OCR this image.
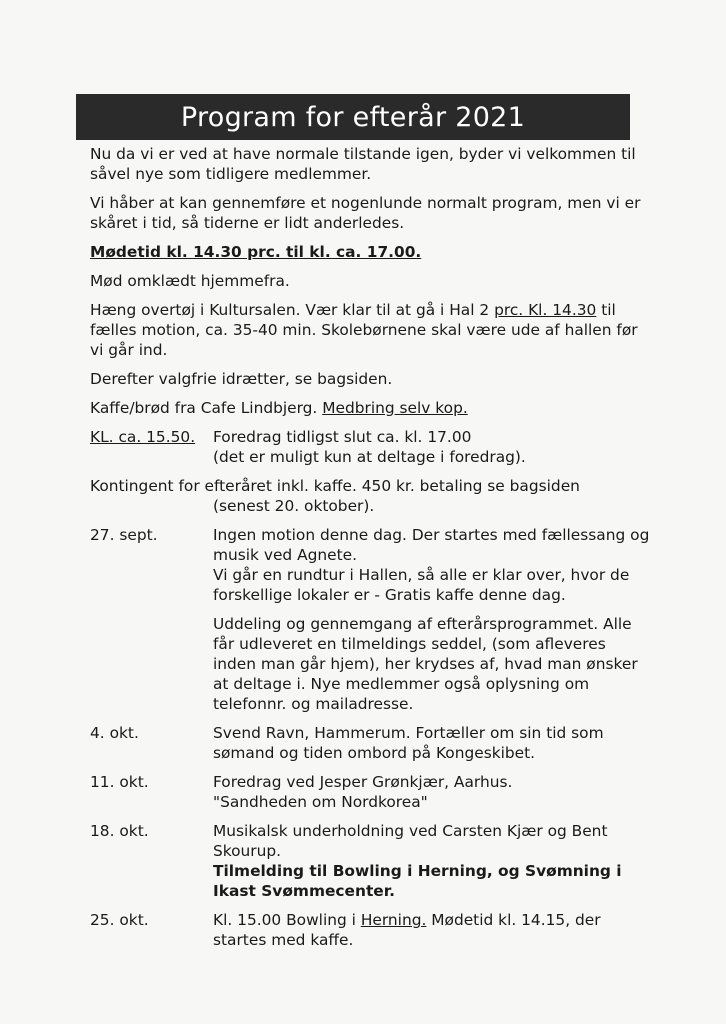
Program for efterår 2021

Nu da vi er ved at have normale tilstande igen, byder vi velkommen til såvel nye som tidligere medlemmer.

Vi håber at kan gennemføre et nogenlunde normalt program, men vi er skåret i tid, så tiderne er lidt anderledes.

Mødetid kl. 14.30 prc. til kl. ca. 17.00.

Mød omklædt hjemmefra.

Hæng overtøj i Kultursalen. Vær klar til at gå i Hal 2 prc. Kl. 14.30 til fælles motion, ca. 35-40 min. Skolebørnene skal være ude af hallen før vi går ind.

Derefter valgfrie idrætter, se bagsiden.

Kaffe/brød fra Cafe Lindbjerg. Medbring selv kop.

KL. ca. 15.50.	Foredrag tidligst slut ca. kl. 17.00
(det er muligt kun at deltage i foredrag).
Kontingent for efteråret inkl. kaffe. 450 kr. betaling se bagsiden
(senest 20. oktober).
27. sept.	Ingen motion denne dag. Der startes med fællessang og musik ved Agnete.
Vi går en rundtur i Hallen, så alle er klar over, hvor de forskellige lokaler er - Gratis kaffe denne dag.
Uddeling og gennemgang af efterårsprogrammet. Alle får udleveret en tilmeldings seddel, (som afleveres inden man går hjem), her krydses af, hvad man ønsker at deltage i. Nye medlemmer også oplysning om telefonnr. og mailadresse.
4. okt.	Svend Ravn, Hammerum. Fortæller om sin tid som sømand og tiden ombord på Kongeskibet.
11. okt.	Foredrag ved Jesper Grønkjær, Aarhus.
"Sandheden om Nordkorea"
18. okt.	Musikalsk underholdning ved Carsten Kjær og Bent Skourup.
Tilmelding til Bowling i Herning, og Svømning i Ikast Svømmecenter.
25. okt.	Kl. 15.00 Bowling i Herning. Mødetid kl. 14.15, der startes med kaffe.
